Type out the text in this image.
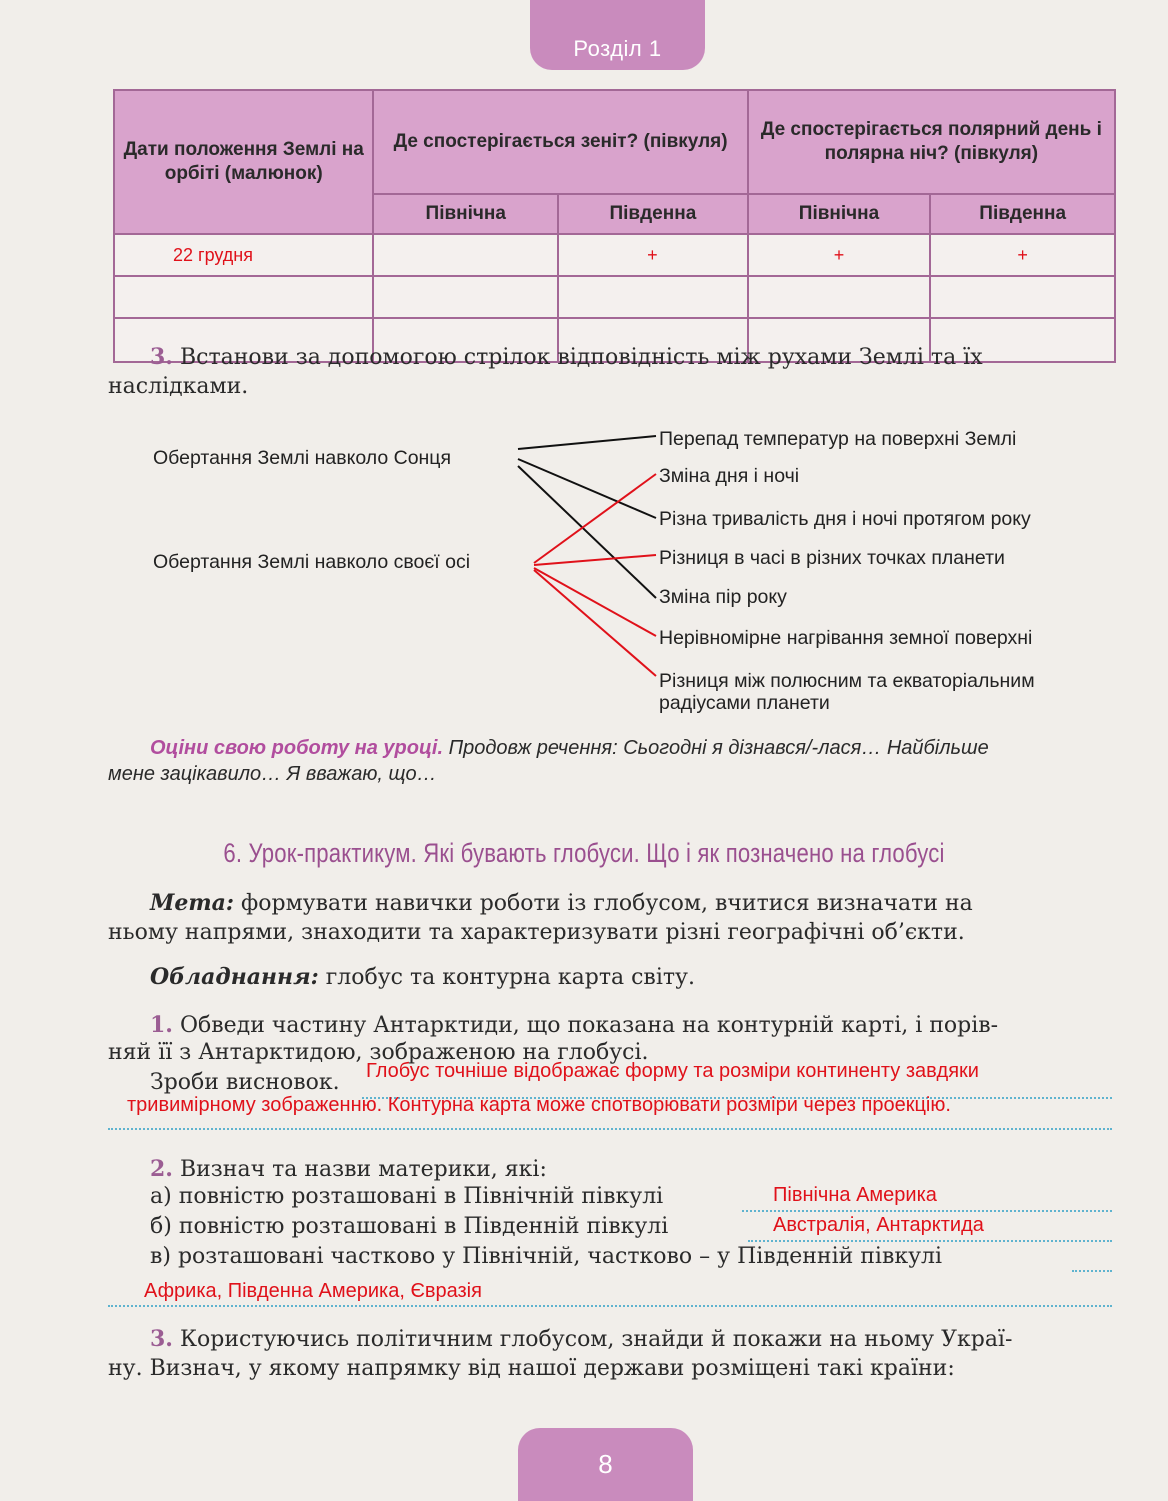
Розділ 1
Дати положення Землі на орбіті (малюнок)	Де спостерігається зеніт? (півкуля)		Де спостерігається полярний день і полярна ніч? (півкуля)	
	Північна	Південна	Північна	Південна
22 грудня		+	+	+

3. Встанови за допомогою стрілок відповідність між рухами Землі та їх
наслідками.
Обертання Землі навколо Сонця
Обертання Землі навколо своєї осі
Перепад температур на поверхні Землі
Зміна дня і ночі
Різна тривалість дня і ночі протягом року
Різниця в часі в різних точках планети
Зміна пір року
Нерівномірне нагрівання земної поверхні
Різниця між полюсним та екваторіальним
радіусами планети
Оціни свою роботу на уроці. Продовж речення: Сьогодні я дізнався/-лася… Найбільше
мене зацікавило… Я вважаю, що…
6. Урок-практикум. Які бувають глобуси. Що і як позначено на глобусі
Мета: формувати навички роботи із глобусом, вчитися визначати на
ньому напрями, знаходити та характеризувати різні географічні об’єкти.
Обладнання: глобус та контурна карта світу.
1. Обведи частину Антарктиди, що показана на контурній карті, і порів-
няй її з Антарктидою, зображеною на глобусі.
Зроби висновок. Глобус точніше відображає форму та розміри континенту завдяки
тривимірному зображенню. Контурна карта може спотворювати розміри через проекцію.
2. Визнач та назви материки, які:
а) повністю розташовані в Північній півкулі	Північна Америка
б) повністю розташовані в Південній півкулі	Австралія, Антарктида
в) розташовані частково у Північній, частково – у Південній півкулі
Африка, Південна Америка, Євразія
3. Користуючись політичним глобусом, знайди й покажи на ньому Украї-
ну. Визнач, у якому напрямку від нашої держави розміщені такі країни:
8
